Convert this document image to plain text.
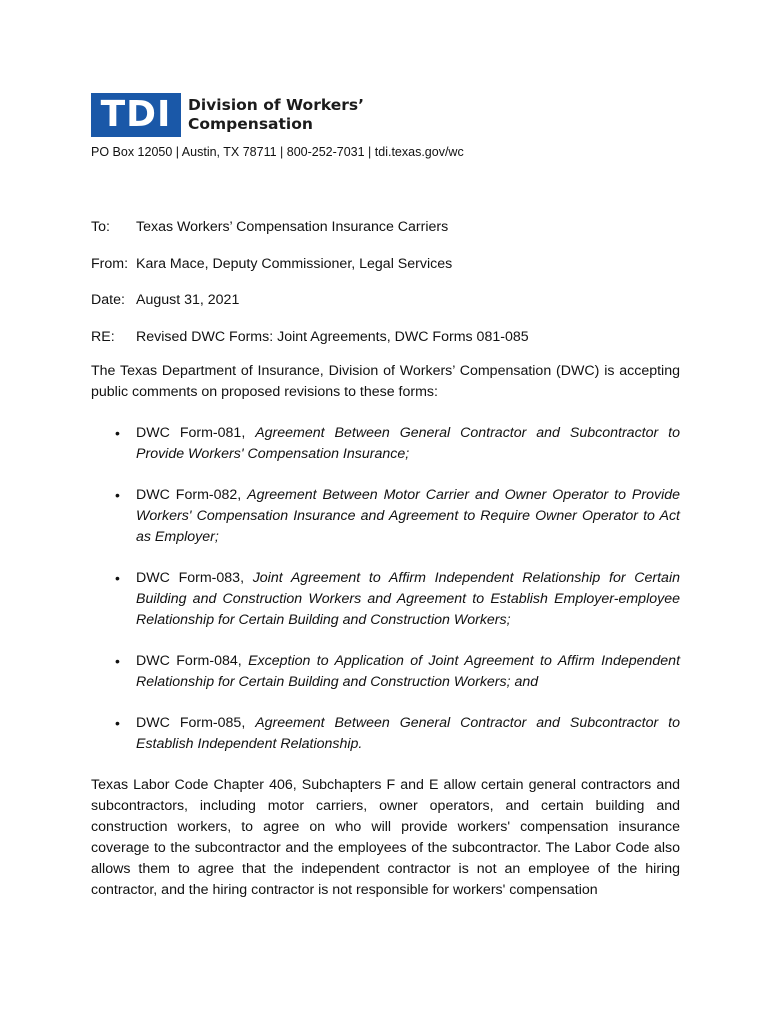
TDI Division of Workers’
Compensation
PO Box 12050 | Austin, TX 78711 | 800-252-7031 | tdi.texas.gov/wc
To:	Texas Workers’ Compensation Insurance Carriers
From: Kara Mace, Deputy Commissioner, Legal Services
Date: August 31, 2021
RE:	Revised DWC Forms: Joint Agreements, DWC Forms 081-085

The Texas Department of Insurance, Division of Workers’ Compensation (DWC) is accepting public comments on proposed revisions to these forms:

• DWC Form-081, Agreement Between General Contractor and Subcontractor to Provide Workers' Compensation Insurance;
• DWC Form-082, Agreement Between Motor Carrier and Owner Operator to Provide Workers' Compensation Insurance and Agreement to Require Owner Operator to Act as Employer;
• DWC Form-083, Joint Agreement to Affirm Independent Relationship for Certain Building and Construction Workers and Agreement to Establish Employer-employee Relationship for Certain Building and Construction Workers;
• DWC Form-084, Exception to Application of Joint Agreement to Affirm Independent Relationship for Certain Building and Construction Workers; and
• DWC Form-085, Agreement Between General Contractor and Subcontractor to Establish Independent Relationship.

Texas Labor Code Chapter 406, Subchapters F and E allow certain general contractors and subcontractors, including motor carriers, owner operators, and certain building and construction workers, to agree on who will provide workers' compensation insurance coverage to the subcontractor and the employees of the subcontractor. The Labor Code also allows them to agree that the independent contractor is not an employee of the hiring contractor, and the hiring contractor is not responsible for workers' compensation
